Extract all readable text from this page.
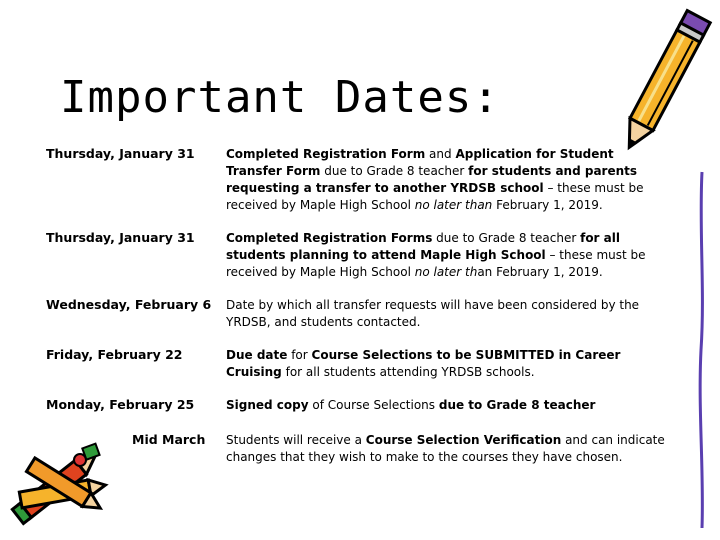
Important Dates:
Thursday, January 31	Completed Registration Form and Application for Student Transfer Form due to Grade 8 teacher for students and parents requesting a transfer to another YRDSB school – these must be received by Maple High School no later than February 1, 2019.
Thursday, January 31	Completed Registration Forms due to Grade 8 teacher for all students planning to attend Maple High School – these must be received by Maple High School no later than February 1, 2019.
Wednesday, February 6	Date by which all transfer requests will have been considered by the YRDSB, and students contacted.
Friday, February 22	Due date for Course Selections to be SUBMITTED in Career Cruising for all students attending YRDSB schools.
Monday, February 25	Signed copy of Course Selections due to Grade 8 teacher
Mid March	Students will receive a Course Selection Verification and can indicate changes that they wish to make to the courses they have chosen.
